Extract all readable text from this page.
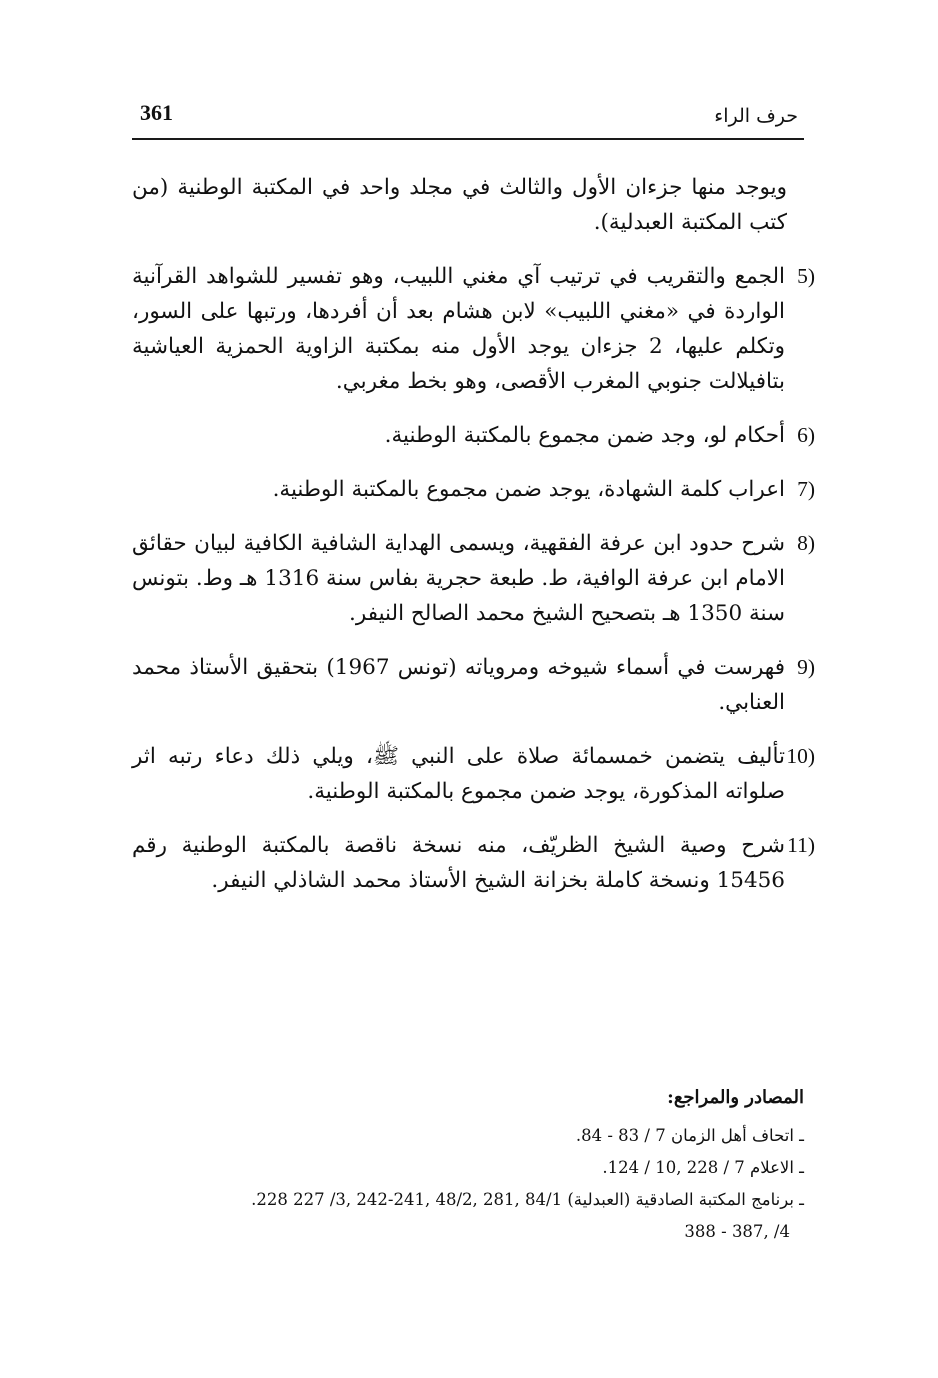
361	حرف الراء

ويوجد منها جزءان الأول والثالث في مجلد واحد في المكتبة الوطنية (من كتب المكتبة العبدلية).

5)
الجمع والتقريب في ترتيب آي مغني اللبيب، وهو تفسير للشواهد القرآنية الواردة في «مغني اللبيب» لابن هشام بعد أن أفردها، ورتبها على السور، وتكلم عليها، 2 جزءان يوجد الأول منه بمكتبة الزاوية الحمزية العياشية بتافيلالت جنوبي المغرب الأقصى، وهو بخط مغربي.
6)
أحكام لو، وجد ضمن مجموع بالمكتبة الوطنية.
7)
اعراب كلمة الشهادة، يوجد ضمن مجموع بالمكتبة الوطنية.
8)
شرح حدود ابن عرفة الفقهية، ويسمى الهداية الشافية الكافية لبيان حقائق الامام ابن عرفة الوافية، ط. طبعة حجرية بفاس سنة 1316 هـ وط. بتونس سنة 1350 هـ بتصحيح الشيخ محمد الصالح النيفر.
9)
فهرست في أسماء شيوخه ومروياته (تونس 1967) بتحقيق الأستاذ محمد العنابي.
10)
تأليف يتضمن خمسمائة صلاة على النبي ﷺ، ويلي ذلك دعاء رتبه اثر صلواته المذكورة، يوجد ضمن مجموع بالمكتبة الوطنية.
11)
شرح وصية الشيخ الظريّف، منه نسخة ناقصة بالمكتبة الوطنية رقم 15456 ونسخة كاملة بخزانة الشيخ الأستاذ محمد الشاذلي النيفر.

المصادر والمراجع:

ـ اتحاف أهل الزمان 7 / 83 - 84.

ـ الاعلام 7 / 228 ,10 / 124.

ـ برنامج المكتبة الصادقية (العبدلية) 84/1 ,281 ,48/2 ,241-242 ,3/ 227 228.

4/ ,387 - 388
